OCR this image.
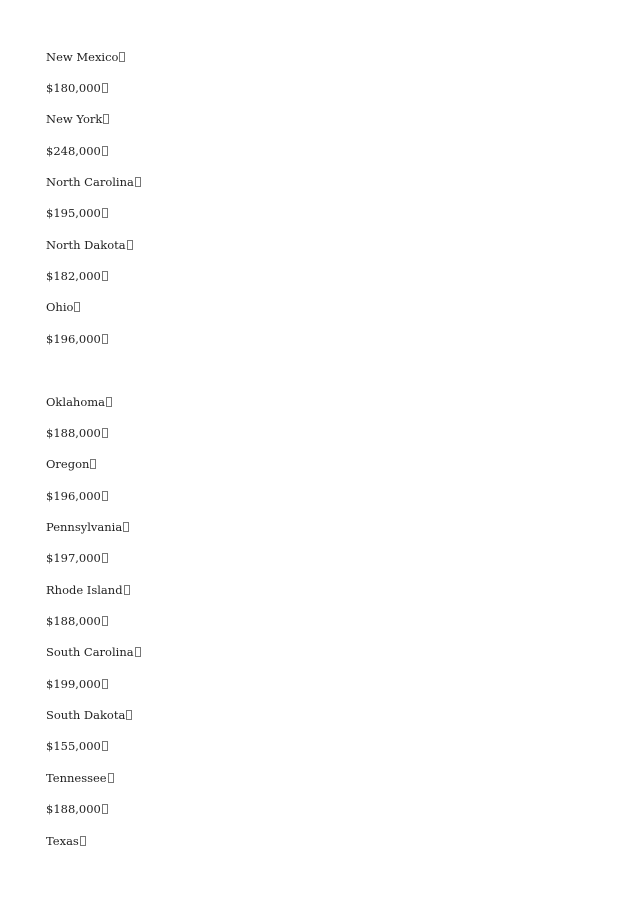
New Mexico
$180,000
New York
$248,000
North Carolina
$195,000
North Dakota
$182,000
Ohio
$196,000
Oklahoma
$188,000
Oregon
$196,000
Pennsylvania
$197,000
Rhode Island
$188,000
South Carolina
$199,000
South Dakota
$155,000
Tennessee
$188,000
Texas
